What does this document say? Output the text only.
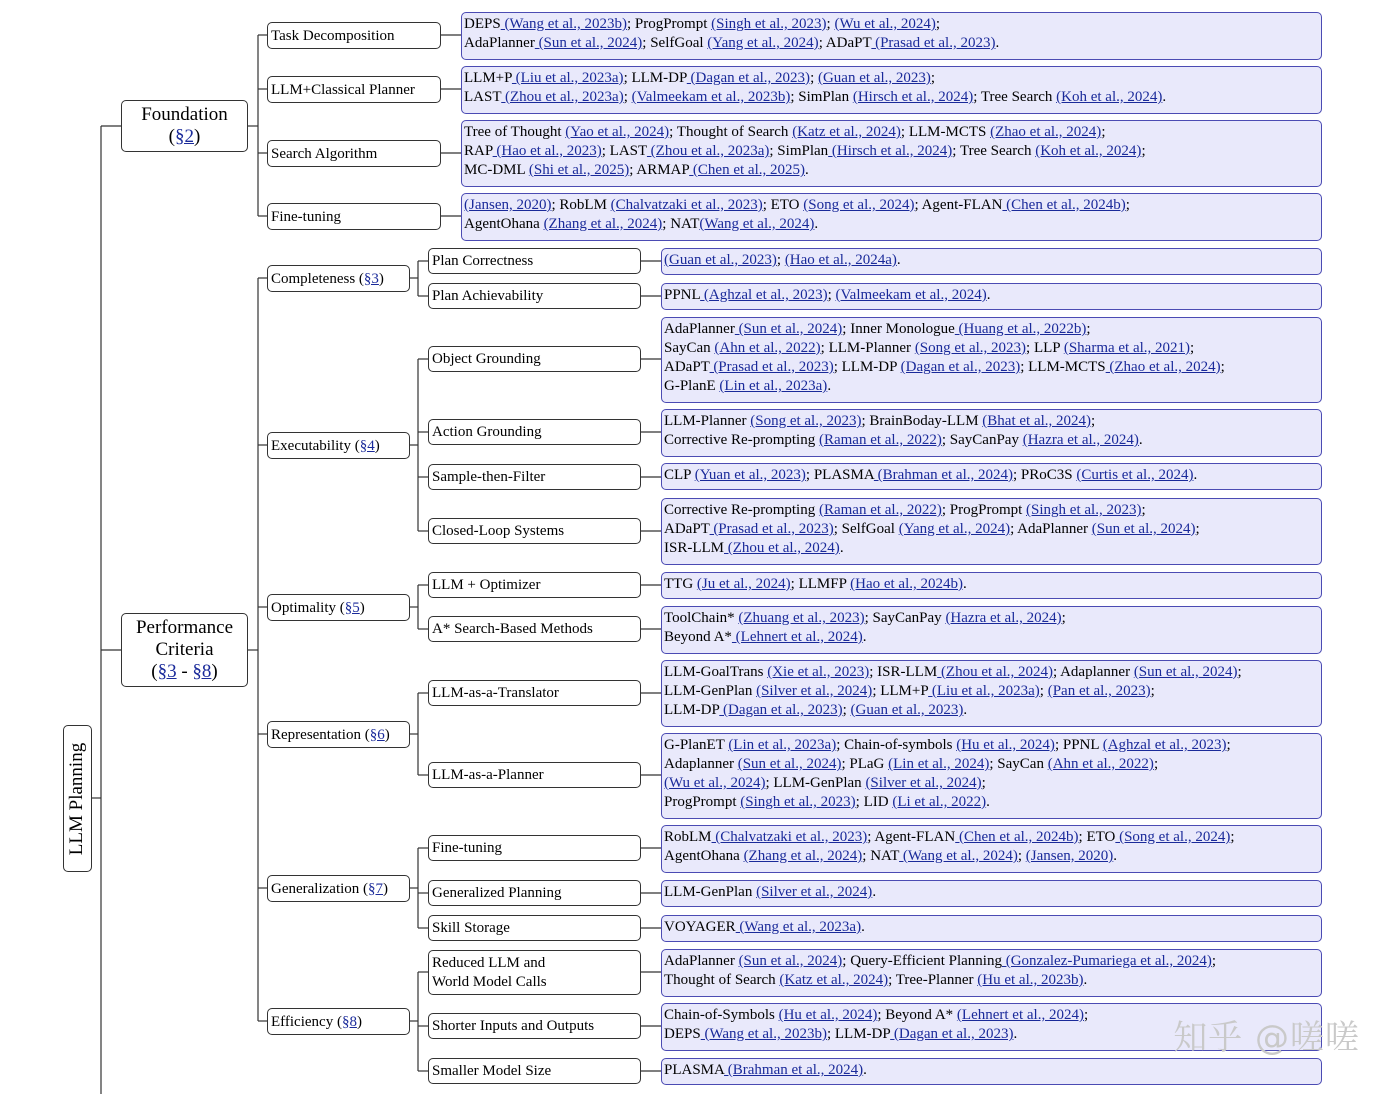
LLM Planning
Foundation
(§2)
Performance
Criteria
(§3 - §8)
Task Decomposition
LLM+Classical Planner
Search Algorithm
Fine-tuning
Completeness ( §3 )
Executability ( §4 )
Optimality ( §5 )
Representation ( §6 )
Generalization ( §7 )
Efficiency ( §8 )
Plan Correctness
Plan Achievability
Object Grounding
Action Grounding
Sample-then-Filter
Closed-Loop Systems
LLM + Optimizer
A* Search-Based Methods
LLM-as-a-Translator
LLM-as-a-Planner
Fine-tuning
Generalized Planning
Skill Storage
Reduced LLM and
World Model Calls
Shorter Inputs and Outputs
Smaller Model Size
DEPS (Wang et al., 2023b); ProgPrompt (Singh et al., 2023); (Wu et al., 2024);
AdaPlanner (Sun et al., 2024); SelfGoal (Yang et al., 2024); ADaPT (Prasad et al., 2023).
LLM+P (Liu et al., 2023a); LLM-DP (Dagan et al., 2023); (Guan et al., 2023);
LAST (Zhou et al., 2023a); (Valmeekam et al., 2023b); SimPlan (Hirsch et al., 2024); Tree Search (Koh et al., 2024).
Tree of Thought (Yao et al., 2024); Thought of Search (Katz et al., 2024); LLM-MCTS (Zhao et al., 2024);
RAP (Hao et al., 2023); LAST (Zhou et al., 2023a); SimPlan (Hirsch et al., 2024); Tree Search (Koh et al., 2024);
MC-DML (Shi et al., 2025); ARMAP (Chen et al., 2025).
(Jansen, 2020); RobLM (Chalvatzaki et al., 2023); ETO (Song et al., 2024); Agent-FLAN (Chen et al., 2024b);
AgentOhana (Zhang et al., 2024); NAT(Wang et al., 2024).
(Guan et al., 2023); (Hao et al., 2024a).
PPNL (Aghzal et al., 2023); (Valmeekam et al., 2024).
AdaPlanner (Sun et al., 2024); Inner Monologue (Huang et al., 2022b);
SayCan (Ahn et al., 2022); LLM-Planner (Song et al., 2023); LLP (Sharma et al., 2021);
ADaPT (Prasad et al., 2023); LLM-DP (Dagan et al., 2023); LLM-MCTS (Zhao et al., 2024);
G-PlanE (Lin et al., 2023a).
LLM-Planner (Song et al., 2023); BrainBoday-LLM (Bhat et al., 2024);
Corrective Re-prompting (Raman et al., 2022); SayCanPay (Hazra et al., 2024).
CLP (Yuan et al., 2023); PLASMA (Brahman et al., 2024); PRoC3S (Curtis et al., 2024).
Corrective Re-prompting (Raman et al., 2022); ProgPrompt (Singh et al., 2023);
ADaPT (Prasad et al., 2023); SelfGoal (Yang et al., 2024); AdaPlanner (Sun et al., 2024);
ISR-LLM (Zhou et al., 2024).
TTG (Ju et al., 2024); LLMFP (Hao et al., 2024b).
ToolChain* (Zhuang et al., 2023); SayCanPay (Hazra et al., 2024);
Beyond A* (Lehnert et al., 2024).
LLM-GoalTrans (Xie et al., 2023); ISR-LLM (Zhou et al., 2024); Adaplanner (Sun et al., 2024);
LLM-GenPlan (Silver et al., 2024); LLM+P (Liu et al., 2023a); (Pan et al., 2023);
LLM-DP (Dagan et al., 2023); (Guan et al., 2023).
G-PlanET (Lin et al., 2023a); Chain-of-symbols (Hu et al., 2024); PPNL (Aghzal et al., 2023);
Adaplanner (Sun et al., 2024); PLaG (Lin et al., 2024); SayCan (Ahn et al., 2022);
(Wu et al., 2024); LLM-GenPlan (Silver et al., 2024);
ProgPrompt (Singh et al., 2023); LID (Li et al., 2022).
RobLM (Chalvatzaki et al., 2023); Agent-FLAN (Chen et al., 2024b); ETO (Song et al., 2024);
AgentOhana (Zhang et al., 2024); NAT (Wang et al., 2024); (Jansen, 2020).
LLM-GenPlan (Silver et al., 2024).
VOYAGER (Wang et al., 2023a).
AdaPlanner (Sun et al., 2024); Query-Efficient Planning (Gonzalez-Pumariega et al., 2024);
Thought of Search (Katz et al., 2024); Tree-Planner (Hu et al., 2023b).
Chain-of-Symbols (Hu et al., 2024); Beyond A* (Lehnert et al., 2024);
DEPS (Wang et al., 2023b); LLM-DP (Dagan et al., 2023).
PLASMA (Brahman et al., 2024).
知乎 @嗟嗟
